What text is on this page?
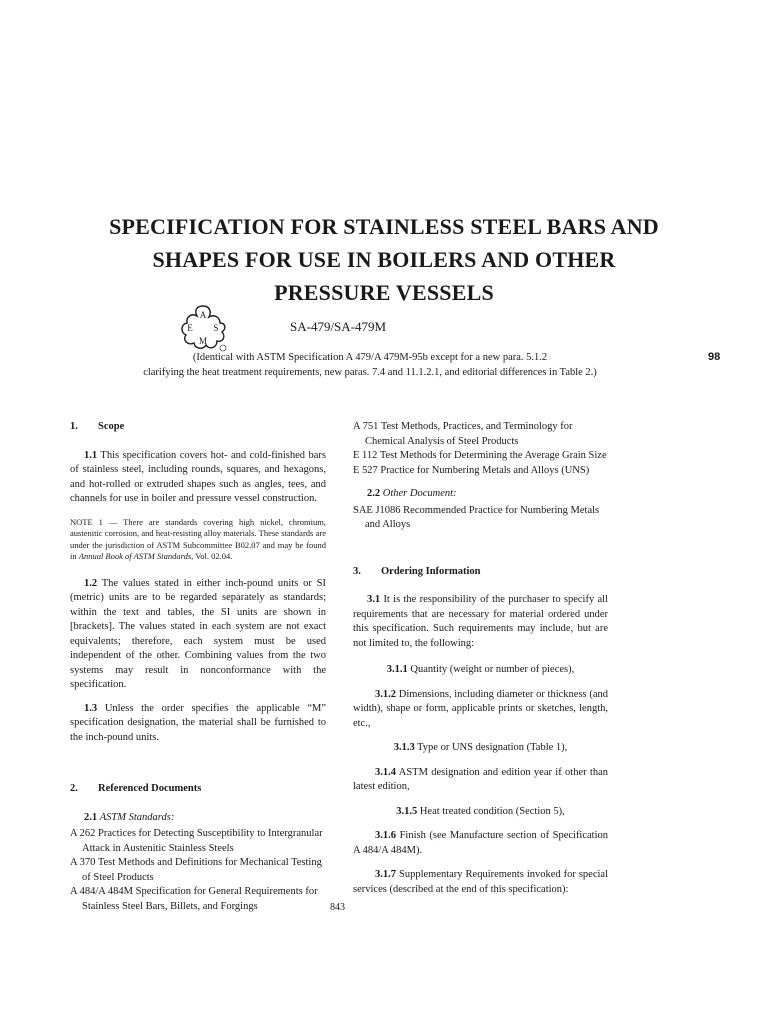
SPECIFICATION FOR STAINLESS STEEL BARS AND
SHAPES FOR USE IN BOILERS AND OTHER
PRESSURE VESSELS
A
S
M
E	SA-479/SA-479M
98
(Identical with ASTM Specification A 479/A 479M-95b except for a new para. 5.1.2
clarifying the heat treatment requirements, new paras. 7.4 and 11.1.2.1, and editorial differences in Table 2.)
1. Scope

1.1 This specification covers hot- and cold-finished bars of stainless steel, including rounds, squares, and hexagons, and hot-rolled or extruded shapes such as angles, tees, and channels for use in boiler and pressure vessel construction.

NOTE 1 — There are standards covering high nickel, chromium, austenitic corrosion, and heat-resisting alloy materials. These standards are under the jurisdiction of ASTM Subcommittee B02.07 and may be found in Annual Book of ASTM Standards, Vol. 02.04.

1.2 The values stated in either inch-pound units or SI (metric) units are to be regarded separately as standards; within the text and tables, the SI units are shown in [brackets]. The values stated in each system are not exact equivalents; therefore, each system must be used independent of the other. Combining values from the two systems may result in nonconformance with the specification.

1.3 Unless the order specifies the applicable “M” specification designation, the material shall be furnished to the inch-pound units.

2. Referenced Documents

2.1 ASTM Standards:

A 262 Practices for Detecting Susceptibility to Intergranular Attack in Austenitic Stainless Steels

A 370 Test Methods and Definitions for Mechanical Testing of Steel Products

A 484/A 484M Specification for General Requirements for Stainless Steel Bars, Billets, and Forgings

A 751 Test Methods, Practices, and Terminology for Chemical Analysis of Steel Products

E 112 Test Methods for Determining the Average Grain Size

E 527 Practice for Numbering Metals and Alloys (UNS)

2.2 Other Document:

SAE J1086 Recommended Practice for Numbering Metals and Alloys

3. Ordering Information

3.1 It is the responsibility of the purchaser to specify all requirements that are necessary for material ordered under this specification. Such requirements may include, but are not limited to, the following:

3.1.1 Quantity (weight or number of pieces),

3.1.2 Dimensions, including diameter or thickness (and width), shape or form, applicable prints or sketches, length, etc.,

3.1.3 Type or UNS designation (Table 1),

3.1.4 ASTM designation and edition year if other than latest edition,

3.1.5 Heat treated condition (Section 5),

3.1.6 Finish (see Manufacture section of Specification A 484/A 484M).

3.1.7 Supplementary Requirements invoked for special services (described at the end of this specification):

843
